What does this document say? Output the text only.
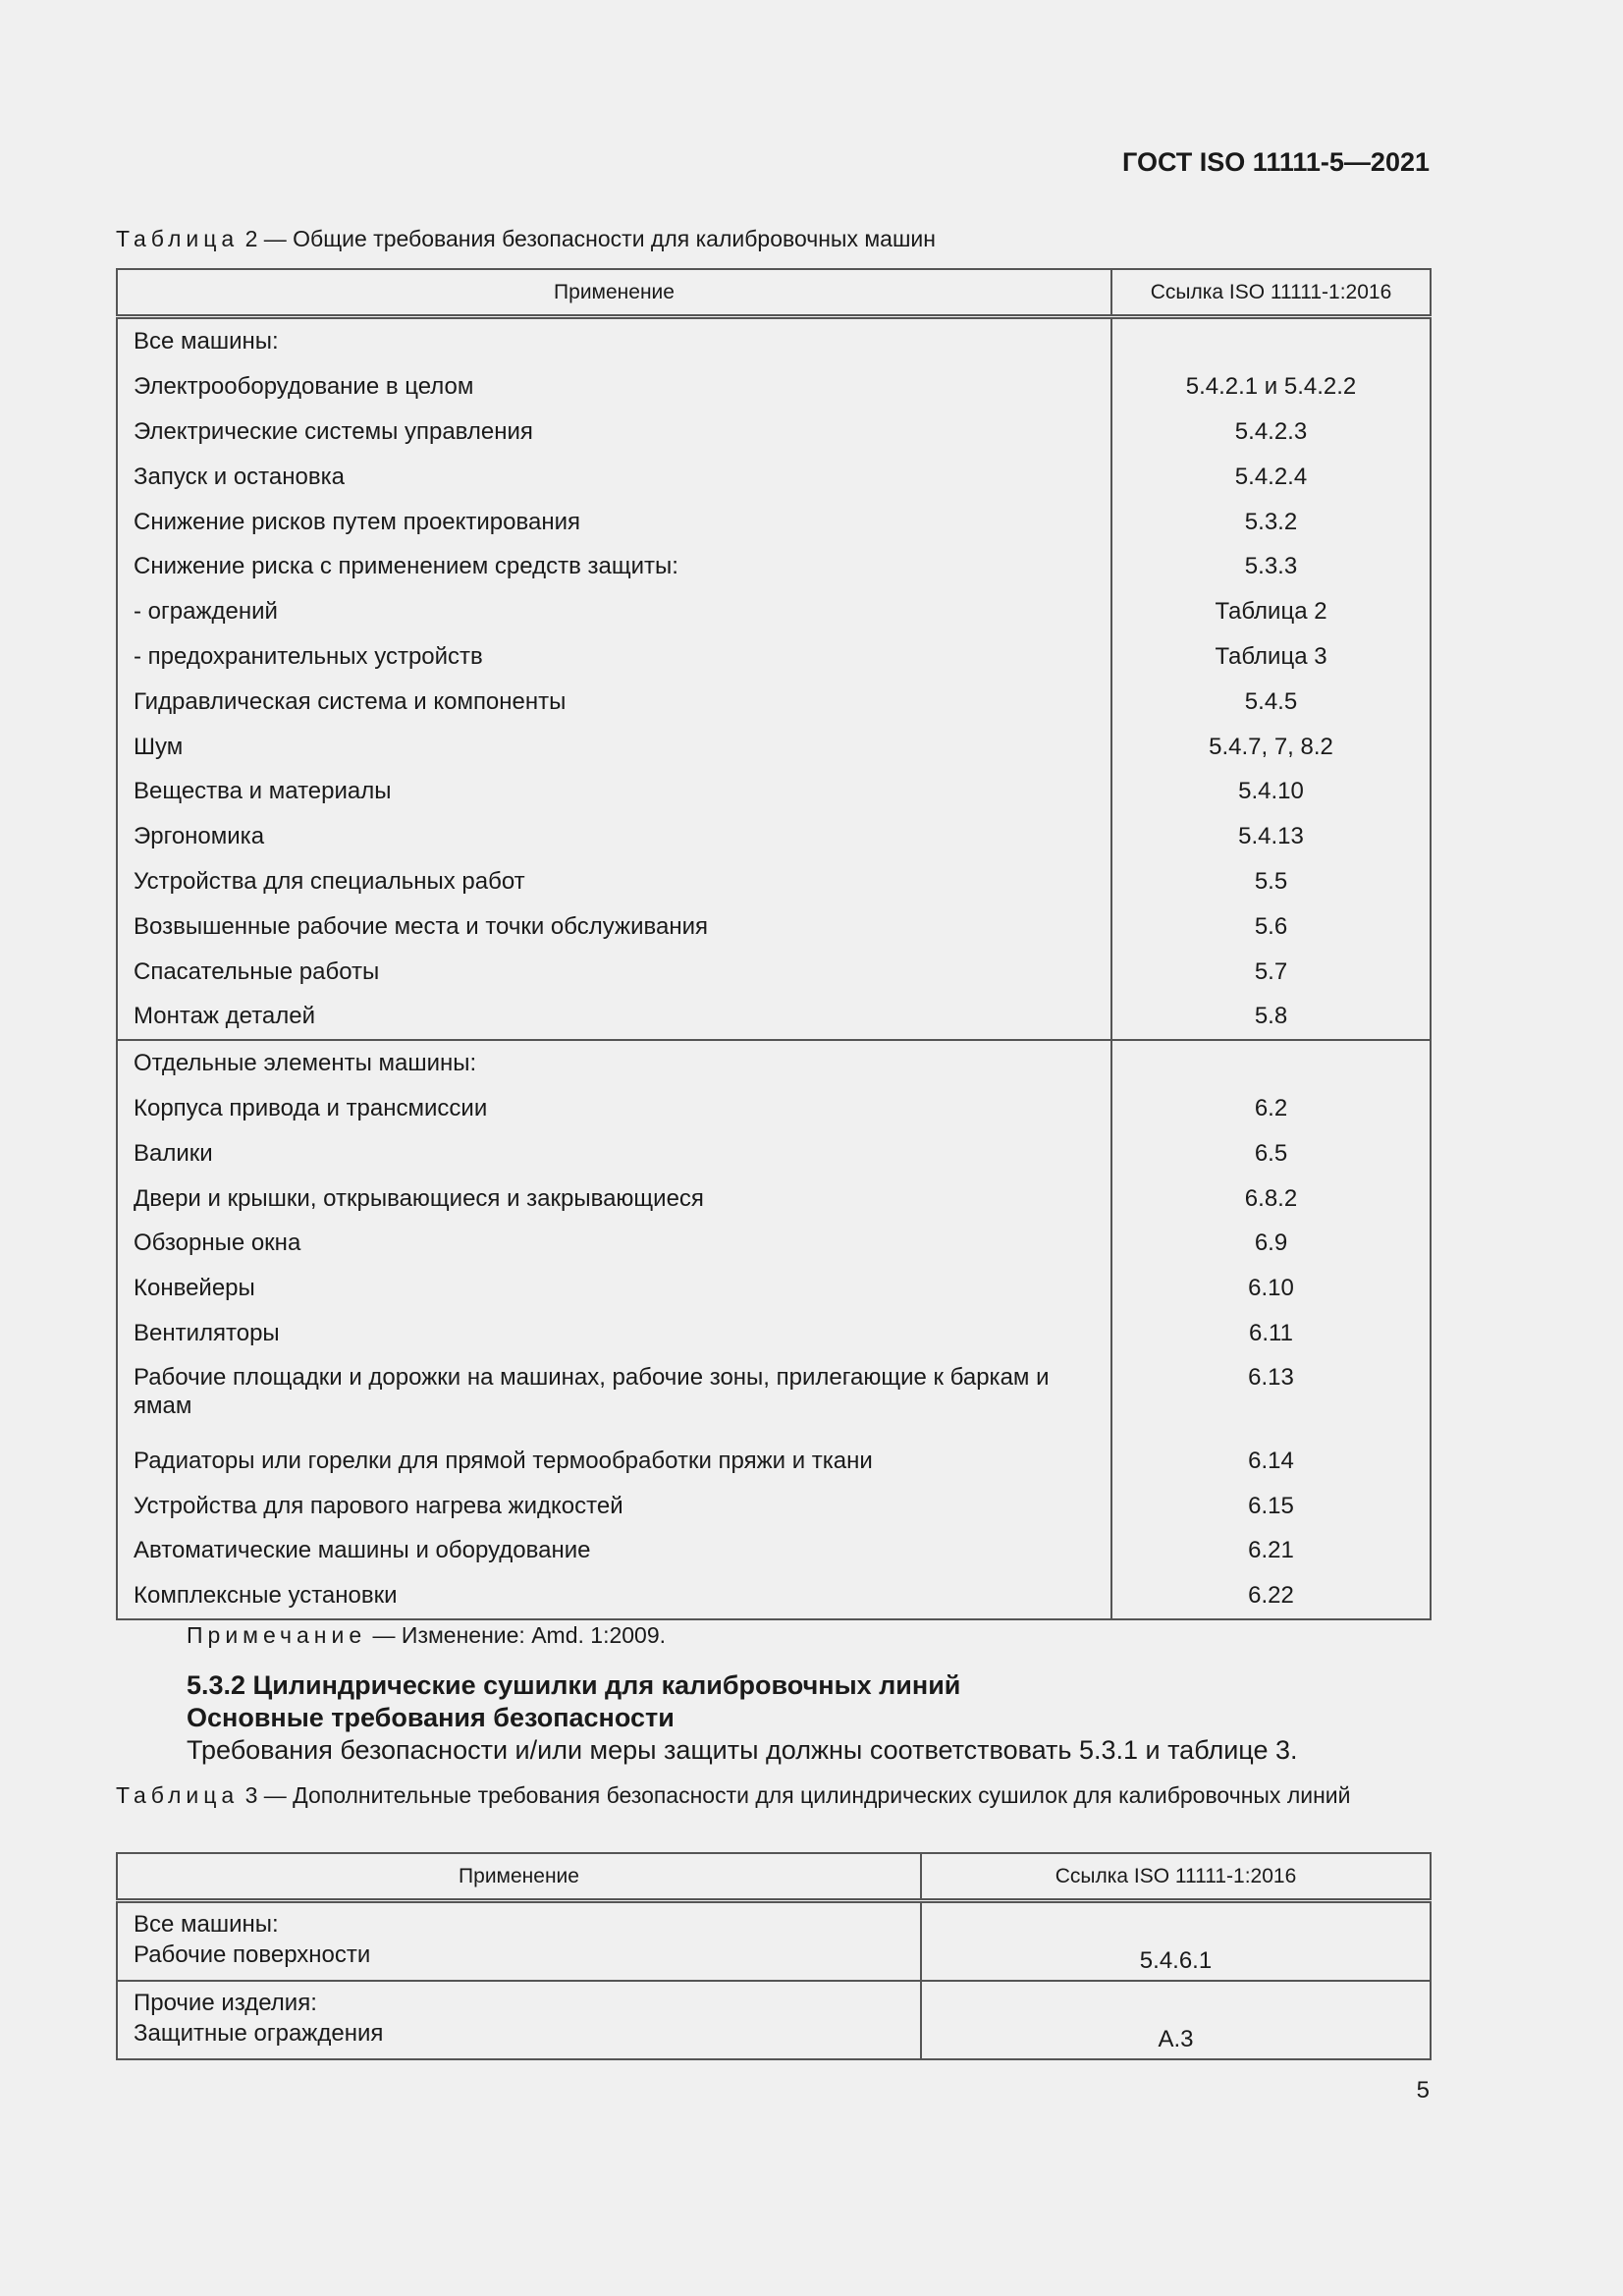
ГОСТ ISO 11111-5—2021
Таблица 2 — Общие требования безопасности для калибровочных машин
Применение	Ссылка ISO 11111-1:2016
Все машины:	
Электрооборудование в целом	5.4.2.1 и 5.4.2.2
Электрические системы управления	5.4.2.3
Запуск и остановка	5.4.2.4
Снижение рисков путем проектирования	5.3.2
Снижение риска с применением средств защиты:	5.3.3
- ограждений	Таблица 2
- предохранительных устройств	Таблица 3
Гидравлическая система и компоненты	5.4.5
Шум	5.4.7, 7, 8.2
Вещества и материалы	5.4.10
Эргономика	5.4.13
Устройства для специальных работ	5.5
Возвышенные рабочие места и точки обслуживания	5.6
Спасательные работы	5.7
Монтаж деталей	5.8
Отдельные элементы машины:	
Корпуса привода и трансмиссии	6.2
Валики	6.5
Двери и крышки, открывающиеся и закрывающиеся	6.8.2
Обзорные окна	6.9
Конвейеры	6.10
Вентиляторы	6.11
Рабочие площадки и дорожки на машинах, рабочие зоны, прилегающие к баркам и ямам	6.13
Радиаторы или горелки для прямой термообработки пряжи и ткани	6.14
Устройства для парового нагрева жидкостей	6.15
Автоматические машины и оборудование	6.21
Комплексные установки	6.22
Примечание — Изменение: Amd. 1:2009.
5.3.2 Цилиндрические сушилки для калибровочных линий
Основные требования безопасности
Требования безопасности и/или меры защиты должны соответствовать 5.3.1 и таблице 3.
Таблица 3 — Дополнительные требования безопасности для цилиндрических сушилок для калибровочных линий
Применение	Ссылка ISO 11111-1:2016

Все машины:
Рабочие поверхности	5.4.6.1

Прочие изделия:
Защитные ограждения	А.3
5
